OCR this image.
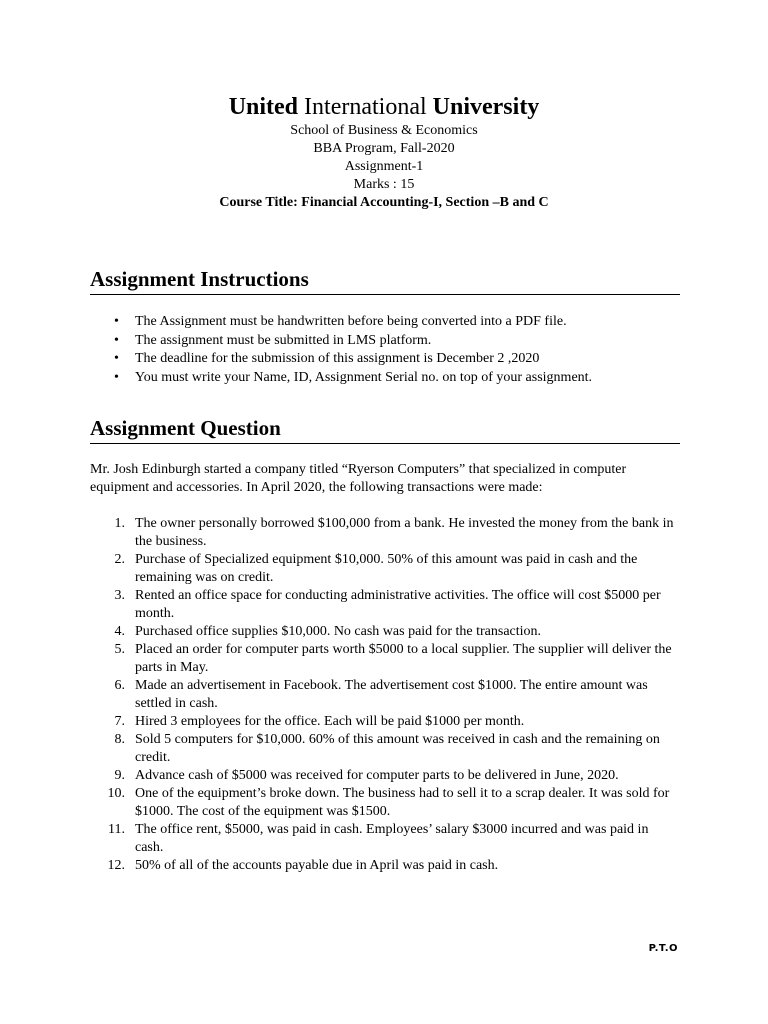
United International University

School of Business & Economics

BBA Program, Fall-2020

Assignment-1

Marks : 15

Course Title: Financial Accounting-I, Section –B and C

Assignment Instructions
• The Assignment must be handwritten before being converted into a PDF file.
• The assignment must be submitted in LMS platform.
• The deadline for the submission of this assignment is December 2 ,2020
• You must write your Name, ID, Assignment Serial no. on top of your assignment.
Assignment Question

Mr. Josh Edinburgh started a company titled “Ryerson Computers” that specialized in computer equipment and accessories. In April 2020, the following transactions were made:

1. The owner personally borrowed $100,000 from a bank. He invested the money from the bank in the business.
2. Purchase of Specialized equipment $10,000. 50% of this amount was paid in cash and the remaining was on credit.
3. Rented an office space for conducting administrative activities. The office will cost $5000 per month.
4. Purchased office supplies $10,000. No cash was paid for the transaction.
5. Placed an order for computer parts worth $5000 to a local supplier. The supplier will deliver the parts in May.
6. Made an advertisement in Facebook. The advertisement cost $1000. The entire amount was settled in cash.
7. Hired 3 employees for the office. Each will be paid $1000 per month.
8. Sold 5 computers for $10,000. 60% of this amount was received in cash and the remaining on credit.
9. Advance cash of $5000 was received for computer parts to be delivered in June, 2020.
10. One of the equipment’s broke down. The business had to sell it to a scrap dealer. It was sold for $1000. The cost of the equipment was $1500.
11. The office rent, $5000, was paid in cash. Employees’ salary $3000 incurred and was paid in cash.
12. 50% of all of the accounts payable due in April was paid in cash.
P.T.O
